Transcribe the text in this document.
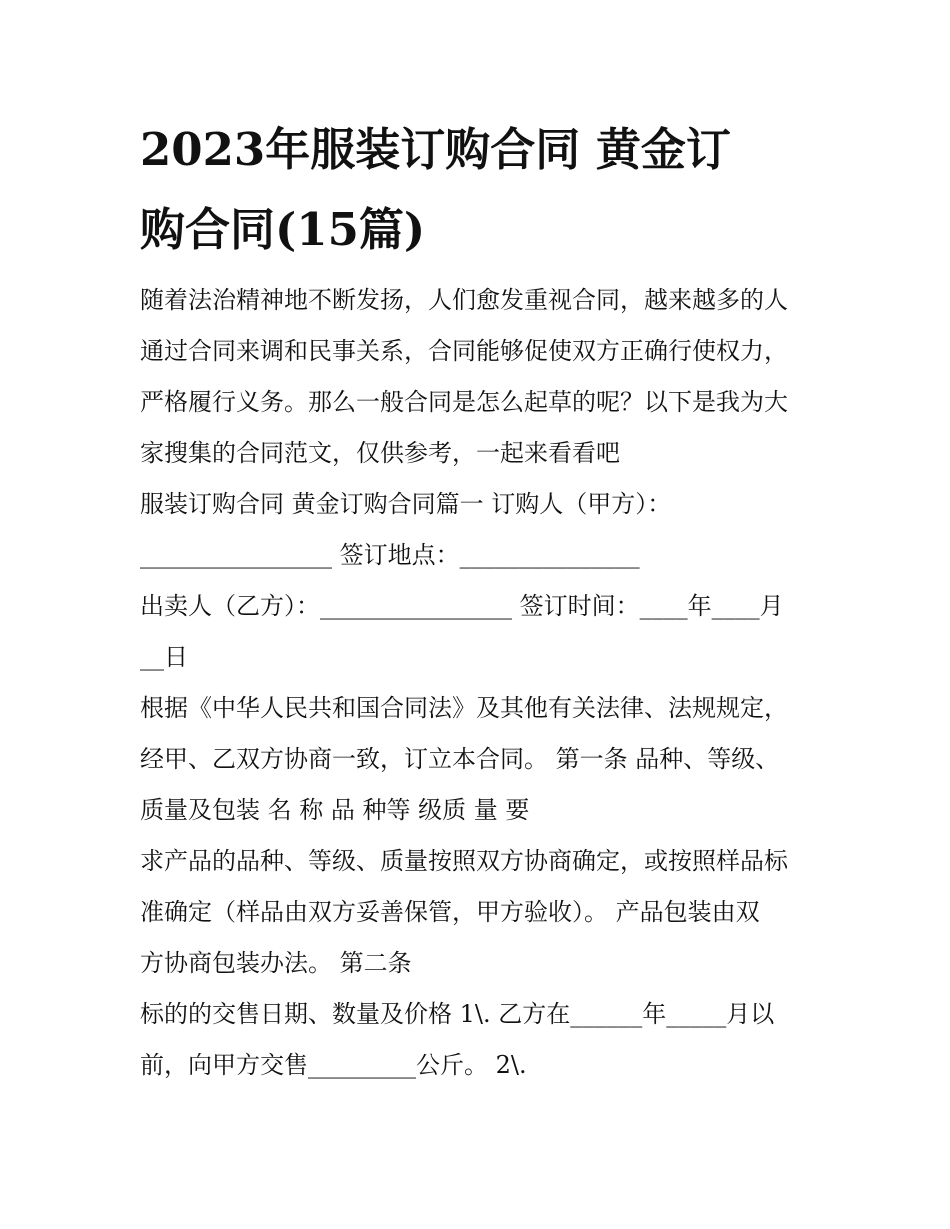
2023年服装订购合同 黄金订
购合同(15篇)
随着法治精神地不断发扬，人们愈发重视合同，越来越多的人
通过合同来调和民事关系，合同能够促使双方正确行使权力，
严格履行义务。那么一般合同是怎么起草的呢？以下是我为大
家搜集的合同范文，仅供参考，一起来看看吧
服装订购合同 黄金订购合同篇一 订购人（甲方）：
________________ 签订地点：_______________
出卖人（乙方）：________________ 签订时间：____年____月
__日
根据《中华人民共和国合同法》及其他有关法律、法规规定，
经甲、乙双方协商一致，订立本合同。 第一条 品种、等级、
质量及包装 名 称 品 种等 级质 量 要
求产品的品种、等级、质量按照双方协商确定，或按照样品标
准确定（样品由双方妥善保管，甲方验收）。 产品包装由双
方协商包装办法。 第二条
标的的交售日期、数量及价格 1\. 乙方在______年_____月以
前，向甲方交售_________公斤。 2\.
